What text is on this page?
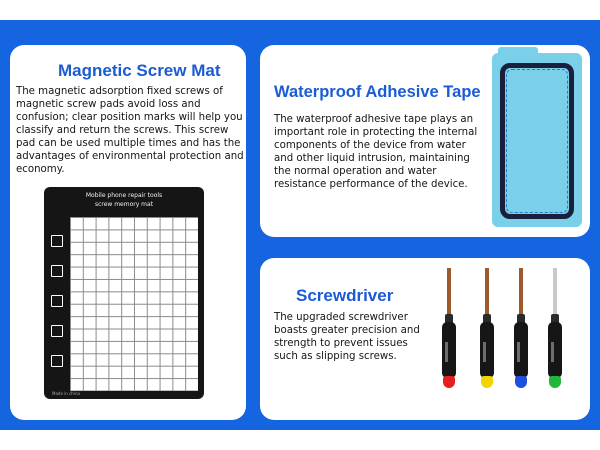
Magnetic Screw Mat
The magnetic adsorption fixed screws of magnetic screw pads avoid loss and confusion; clear position marks will help you classify and return the screws. This screw pad can be used multiple times and has the advantages of environmental protection and economy.
Mobile phone repair tools
screw memory mat
Made in china
Waterproof Adhesive Tape
The waterproof adhesive tape plays an important role in protecting the internal components of the device from water and other liquid intrusion, maintaining the normal operation and water resistance performance of the device.
Screwdriver
The upgraded screwdriver boasts greater precision and strength to prevent issues such as slipping screws.
